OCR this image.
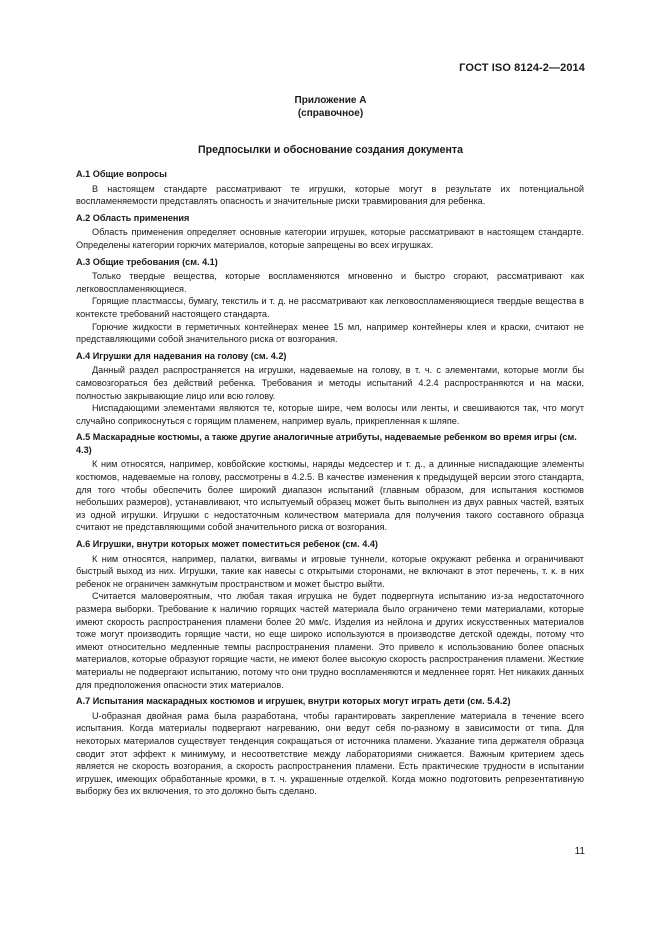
ГОСТ ISO 8124-2—2014
Приложение А
(справочное)
Предпосылки и обоснование создания документа
А.1 Общие вопросы

В настоящем стандарте рассматривают те игрушки, которые могут в результате их потенциальной воспламеняемости представлять опасность и значительные риски травмирования для ребенка.

А.2 Область применения

Область применения определяет основные категории игрушек, которые рассматривают в настоящем стандарте. Определены категории горючих материалов, которые запрещены во всех игрушках.

А.3 Общие требования (см. 4.1)

Только твердые вещества, которые воспламеняются мгновенно и быстро сгорают, рассматривают как легковоспламеняющиеся.

Горящие пластмассы, бумагу, текстиль и т. д. не рассматривают как легковоспламеняющиеся твердые вещества в контексте требований настоящего стандарта.

Горючие жидкости в герметичных контейнерах менее 15 мл, например контейнеры клея и краски, считают не представляющими собой значительного риска от возгорания.

А.4 Игрушки для надевания на голову (см. 4.2)

Данный раздел распространяется на игрушки, надеваемые на голову, в т. ч. с элементами, которые могли бы самовозгораться без действий ребенка. Требования и методы испытаний 4.2.4 распространяются и на маски, полностью закрывающие лицо или всю голову.

Ниспадающими элементами являются те, которые шире, чем волосы или ленты, и свешиваются так, что могут случайно соприкоснуться с горящим пламенем, например вуаль, прикрепленная к шляпе.

А.5 Маскарадные костюмы, а также другие аналогичные атрибуты, надеваемые ребенком во время игры (см. 4.3)

К ним относятся, например, ковбойские костюмы, наряды медсестер и т. д., а длинные ниспадающие элементы костюмов, надеваемые на голову, рассмотрены в 4.2.5. В качестве изменения к предыдущей версии этого стандарта, для того чтобы обеспечить более широкий диапазон испытаний (главным образом, для испытания костюмов небольших размеров), устанавливают, что испытуемый образец может быть выполнен из двух равных частей, взятых из одной игрушки. Игрушки с недостаточным количеством материала для получения такого составного образца считают не представляющими собой значительного риска от возгорания.

А.6 Игрушки, внутри которых может поместиться ребенок (см. 4.4)

К ним относятся, например, палатки, вигвамы и игровые туннели, которые окружают ребенка и ограничивают быстрый выход из них. Игрушки, такие как навесы с открытыми сторонами, не включают в этот перечень, т. к. в них ребенок не ограничен замкнутым пространством и может быстро выйти.

Считается маловероятным, что любая такая игрушка не будет подвергнута испытанию из-за недостаточного размера выборки. Требование к наличию горящих частей материала было ограничено теми материалами, которые имеют скорость распространения пламени более 20 мм/с. Изделия из нейлона и других искусственных материалов тоже могут производить горящие части, но еще широко используются в производстве детской одежды, потому что имеют относительно медленные темпы распространения пламени. Это привело к использованию более опасных материалов, которые образуют горящие части, не имеют более высокую скорость распространения пламени. Жесткие материалы не подвергают испытанию, потому что они трудно воспламеняются и медленнее горят. Нет никаких данных для предположения опасности этих материалов.

А.7 Испытания маскарадных костюмов и игрушек, внутри которых могут играть дети (см. 5.4.2)

U-образная двойная рама была разработана, чтобы гарантировать закрепление материала в течение всего испытания. Когда материалы подвергают нагреванию, они ведут себя по-разному в зависимости от типа. Для некоторых материалов существует тенденция сокращаться от источника пламени. Указание типа держателя образца сводит этот эффект к минимуму, и несоответствие между лабораториями снижается. Важным критерием здесь является не скорость возгорания, а скорость распространения пламени. Есть практические трудности в испытании игрушек, имеющих обработанные кромки, в т. ч. украшенные отделкой. Когда можно подготовить репрезентативную выборку без их включения, то это должно быть сделано.

11
